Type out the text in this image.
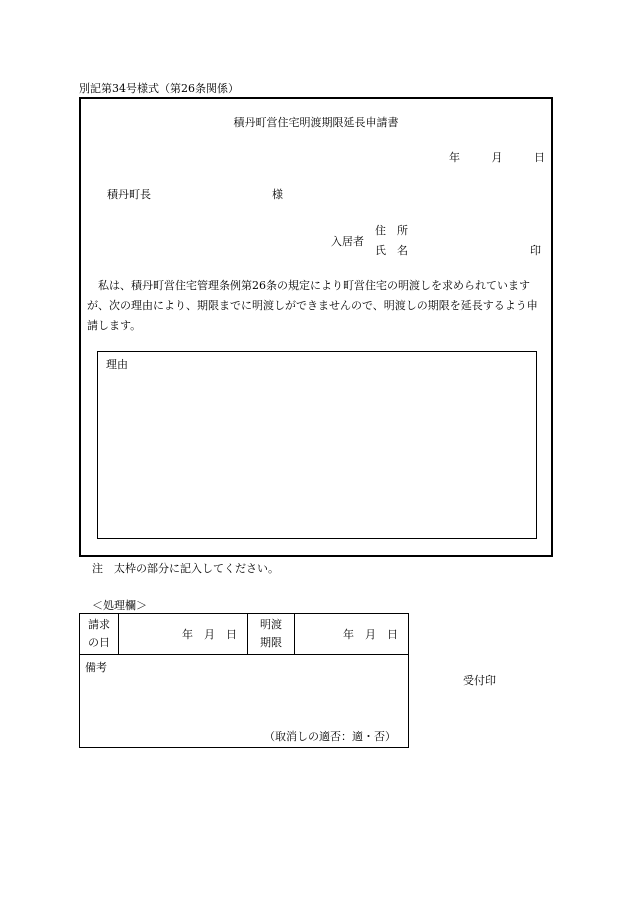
別記第34号様式（第26条関係）
積丹町営住宅明渡期限延長申請書
年	月	日
積丹町長	様
入居者
住　所
氏　名	印
私は、積丹町営住宅管理条例第26条の規定により町営住宅の明渡しを求められていますが、次の理由により、期限までに明渡しができませんので、明渡しの期限を延長するよう申請します。
理由
注　太枠の部分に記入してください。
＜処理欄＞
請求
の日
	年　月　日	
明渡
期限
	年　月　日

備考
（取消しの適否：適・否）
受付印
